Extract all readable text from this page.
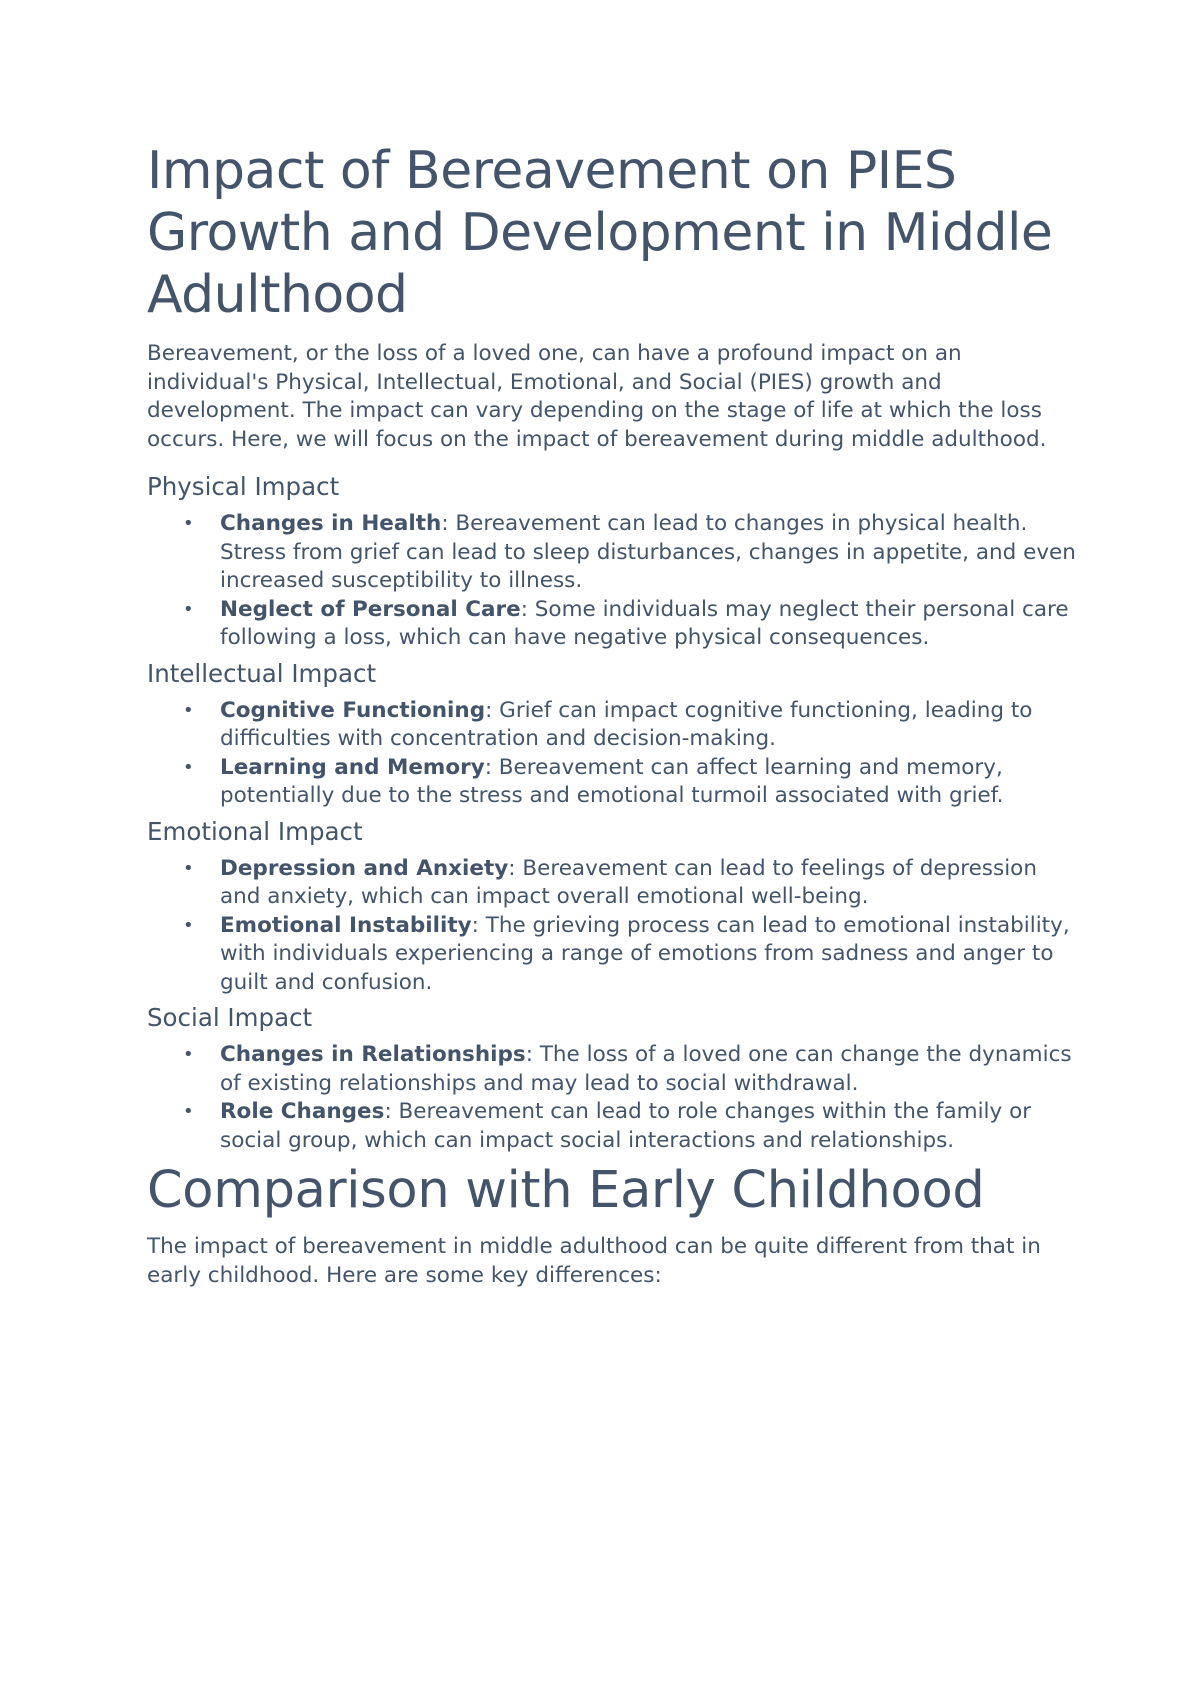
Impact of Bereavement on PIES Growth and Development in Middle Adulthood

Bereavement, or the loss of a loved one, can have a profound impact on an individual's Physical, Intellectual, Emotional, and Social (PIES) growth and development. The impact can vary depending on the stage of life at which the loss occurs. Here, we will focus on the impact of bereavement during middle adulthood.

Physical Impact
• Changes in Health: Bereavement can lead to changes in physical health. Stress from grief can lead to sleep disturbances, changes in appetite, and even increased susceptibility to illness.
• Neglect of Personal Care: Some individuals may neglect their personal care following a loss, which can have negative physical consequences.
Intellectual Impact
• Cognitive Functioning: Grief can impact cognitive functioning, leading to difficulties with concentration and decision-making.
• Learning and Memory: Bereavement can affect learning and memory, potentially due to the stress and emotional turmoil associated with grief.
Emotional Impact
• Depression and Anxiety: Bereavement can lead to feelings of depression and anxiety, which can impact overall emotional well-being.
• Emotional Instability: The grieving process can lead to emotional instability, with individuals experiencing a range of emotions from sadness and anger to guilt and confusion.
Social Impact
• Changes in Relationships: The loss of a loved one can change the dynamics of existing relationships and may lead to social withdrawal.
• Role Changes: Bereavement can lead to role changes within the family or social group, which can impact social interactions and relationships.
Comparison with Early Childhood

The impact of bereavement in middle adulthood can be quite different from that in early childhood. Here are some key differences:
